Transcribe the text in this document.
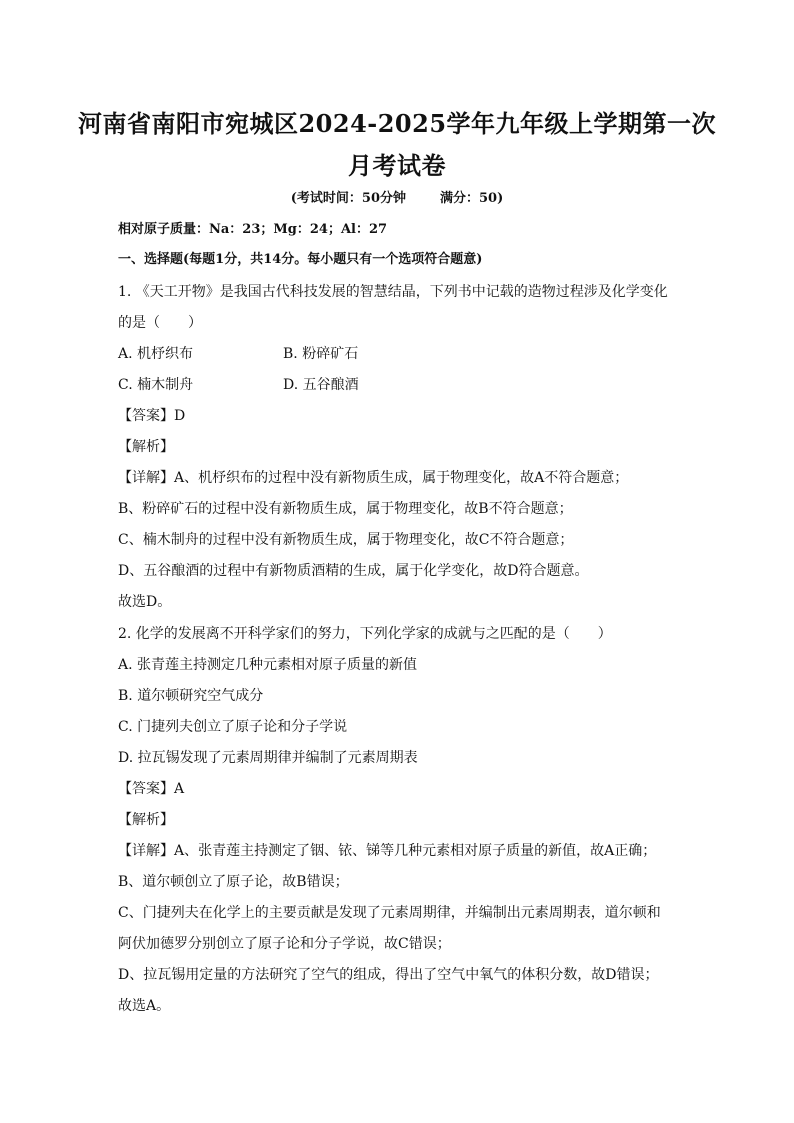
河南省南阳市宛城区2024-2025学年九年级上学期第一次
月考试卷
(考试时间：50分钟	满分：50)
相对原子质量：Na：23；Mg：24；Al：27
一、选择题(每题1分，共14分。每小题只有一个选项符合题意)
1. 《天工开物》是我国古代科技发展的智慧结晶，下列书中记载的造物过程涉及化学变化
的是（　　）
A. 机杼织布	B. 粉碎矿石
C. 楠木制舟	D. 五谷酿酒
【答案】D
【解析】
【详解】A、机杼织布的过程中没有新物质生成，属于物理变化，故A不符合题意；
B、粉碎矿石的过程中没有新物质生成，属于物理变化，故B不符合题意；
C、楠木制舟的过程中没有新物质生成，属于物理变化，故C不符合题意；
D、五谷酿酒的过程中有新物质酒精的生成，属于化学变化，故D符合题意。
故选D。
2. 化学的发展离不开科学家们的努力，下列化学家的成就与之匹配的是（　　）
A. 张青莲主持测定几种元素相对原子质量的新值
B. 道尔顿研究空气成分
C. 门捷列夫创立了原子论和分子学说
D. 拉瓦锡发现了元素周期律并编制了元素周期表
【答案】A
【解析】
【详解】A、张青莲主持测定了铟、铱、锑等几种元素相对原子质量的新值，故A正确；
B、道尔顿创立了原子论，故B错误；
C、门捷列夫在化学上的主要贡献是发现了元素周期律，并编制出元素周期表，道尔顿和
阿伏加德罗分别创立了原子论和分子学说，故C错误；
D、拉瓦锡用定量的方法研究了空气的组成，得出了空气中氧气的体积分数，故D错误；
故选A。
